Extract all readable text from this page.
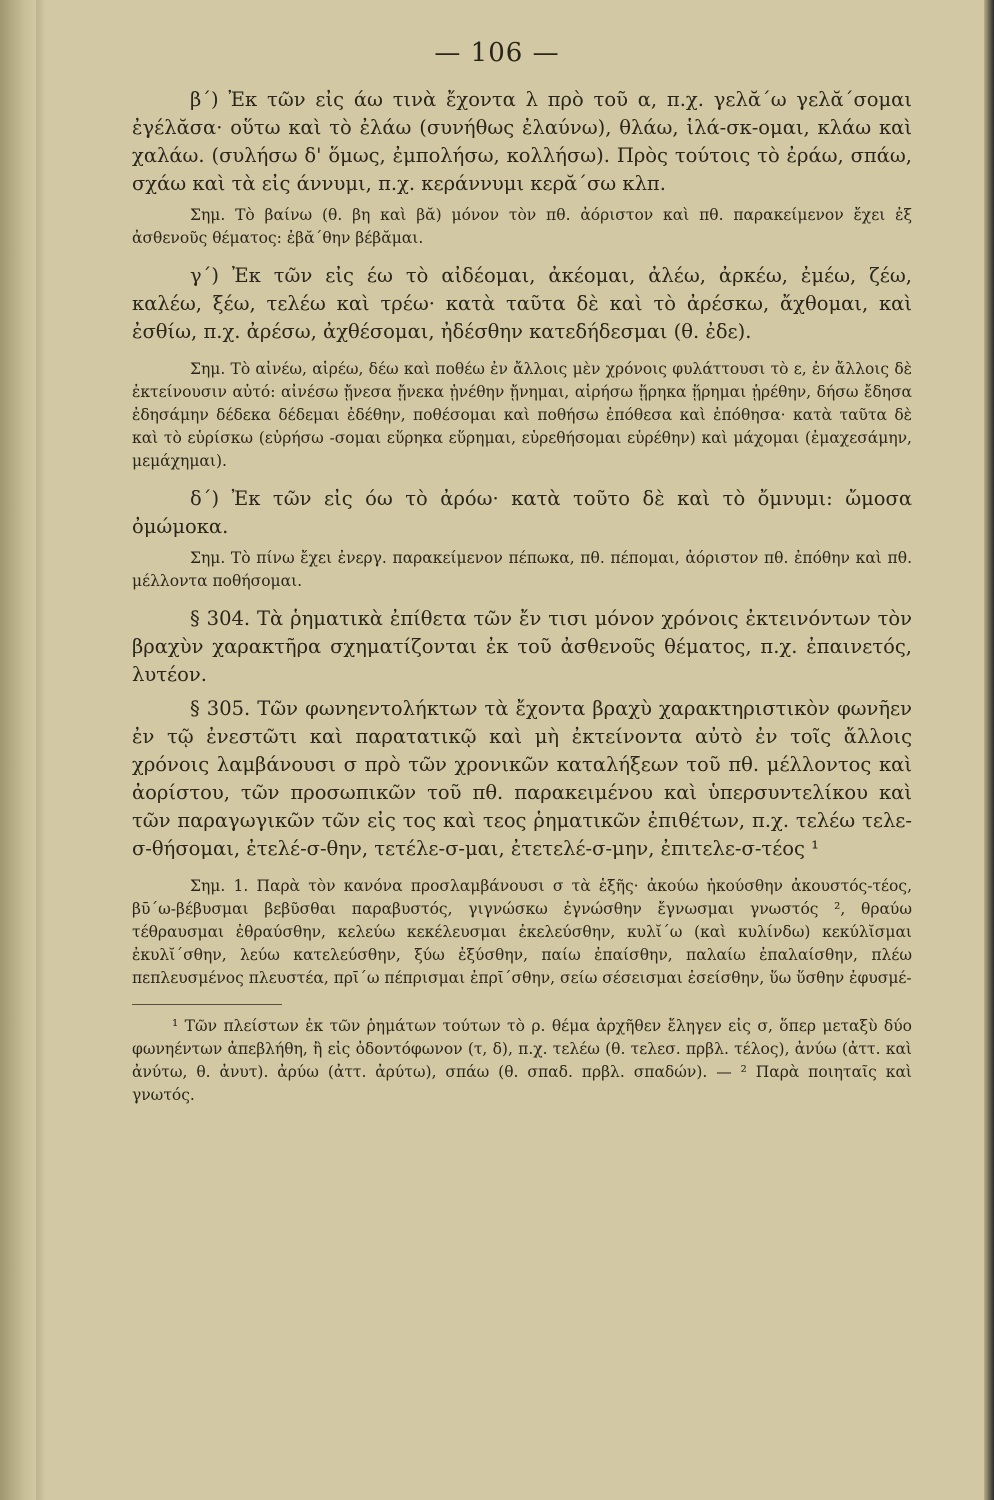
— 106 —

β΄) Ἐκ τῶν εἰς άω τινὰ ἔχοντα λ πρὸ τοῦ α, π.χ. γελᾰ΄ω γελᾰ΄σομαι ἐγέλᾰσα· οὕτω καὶ τὸ ἐλάω (συνήθως ἐλαύνω), θλάω, ἱλά-σκ-ομαι, κλάω καὶ χαλάω. (συλήσω δ' ὅμως, ἐμπολήσω, κολλήσω). Πρὸς τούτοις τὸ ἐράω, σπάω, σχάω καὶ τὰ εἰς άννυμι, π.χ. κεράννυμι κερᾰ΄σω κλπ.

Σημ. Τὸ βαίνω (θ. βη καὶ βᾰ) μόνον τὸν πθ. ἀόριστον καὶ πθ. παρακείμενον ἔχει ἐξ ἀσθενοῦς θέματος: ἐβᾰ΄θην βέβᾰμαι.

γ΄) Ἐκ τῶν εἰς έω τὸ αἰδέομαι, ἀκέομαι, ἀλέω, ἀρκέω, ἐμέω, ζέω, καλέω, ξέω, τελέω καὶ τρέω· κατὰ ταῦτα δὲ καὶ τὸ ἀρέσκω, ἄχθομαι, καὶ ἐσθίω, π.χ. ἀρέσω, ἀχθέσομαι, ἠδέσθην κατεδήδεσμαι (θ. ἐδε).

Σημ. Τὸ αἰνέω, αἱρέω, δέω καὶ ποθέω ἐν ἄλλοις μὲν χρόνοις φυλάττουσι τὸ ε, ἐν ἄλλοις δὲ ἐκτείνουσιν αὐτό: αἰνέσω ᾔνεσα ᾔνεκα ᾐνέθην ᾔνημαι, αἱρήσω ᾕρηκα ᾕρημαι ᾑρέθην, δήσω ἔδησα ἐδησάμην δέδεκα δέδεμαι ἐδέθην, ποθέσομαι καὶ ποθήσω ἐπόθεσα καὶ ἐπόθησα· κατὰ ταῦτα δὲ καὶ τὸ εὑρίσκω (εὑρήσω -σομαι εὕρηκα εὕρημαι, εὑρεθήσομαι εὑρέθην) καὶ μάχομαι (ἐμαχεσάμην, μεμάχημαι).

δ΄) Ἐκ τῶν εἰς όω τὸ ἀρόω· κατὰ τοῦτο δὲ καὶ τὸ ὄμνυμι: ὤμοσα ὀμώμοκα.

Σημ. Τὸ πίνω ἔχει ἐνεργ. παρακείμενον πέπωκα, πθ. πέπομαι, ἀόριστον πθ. ἐπόθην καὶ πθ. μέλλοντα ποθήσομαι.

§ 304. Τὰ ῥηματικὰ ἐπίθετα τῶν ἔν τισι μόνον χρόνοις ἐκτεινόντων τὸν βραχὺν χαρακτῆρα σχηματίζονται ἐκ τοῦ ἀσθενοῦς θέματος, π.χ. ἐπαινετός, λυτέον.

§ 305. Τῶν φωνηεντολήκτων τὰ ἔχοντα βραχὺ χαρακτηριστικὸν φωνῆεν ἐν τῷ ἐνεστῶτι καὶ παρατατικῷ καὶ μὴ ἐκτείνοντα αὐτὸ ἐν τοῖς ἄλλοις χρόνοις λαμβάνουσι σ πρὸ τῶν χρονικῶν καταλήξεων τοῦ πθ. μέλλοντος καὶ ἀορίστου, τῶν προσωπικῶν τοῦ πθ. παρακειμένου καὶ ὑπερσυντελίκου καὶ τῶν παραγωγικῶν τῶν εἰς τος καὶ τεος ῥηματικῶν ἐπιθέτων, π.χ. τελέω τελε-σ-θήσομαι, ἐτελέ-σ-θην, τετέλε-σ-μαι, ἐτετελέ-σ-μην, ἐπιτελε-σ-τέος ¹

Σημ. 1. Παρὰ τὸν κανόνα προσλαμβάνουσι σ τὰ ἑξῆς· ἀκούω ἠκούσθην ἀκουστός-τέος, βῡ΄ω-βέβυσμαι βεβῦσθαι παραβυστός, γιγνώσκω ἐγνώσθην ἔγνωσμαι γνωστός ², θραύω τέθραυσμαι ἐθραύσθην, κελεύω κεκέλευσμαι ἐκελεύσθην, κυλῐ΄ω (καὶ κυλίνδω) κεκύλῐσμαι ἐκυλῐ΄σθην, λεύω κατελεύσθην, ξύω ἐξύσθην, παίω ἐπαίσθην, παλαίω ἐπαλαίσθην, πλέω πεπλευσμένος πλευστέα, πρῑ΄ω πέπρισμαι ἐπρῑ΄σθην, σείω σέσεισμαι ἐσείσθην, ὕω ὕσθην ἐφυσμέ-

¹ Τῶν πλείστων ἐκ τῶν ῥημάτων τούτων τὸ ρ. θέμα ἀρχῆθεν ἔληγεν εἰς σ, ὅπερ μεταξὺ δύο φωνηέντων ἀπεβλήθη, ἢ εἰς ὀδοντόφωνον (τ, δ), π.χ. τελέω (θ. τελεσ. πρβλ. τέλος), ἀνύω (ἀττ. καὶ ἀνύτω, θ. ἀνυτ). ἀρύω (ἀττ. ἀρύτω), σπάω (θ. σπαδ. πρβλ. σπαδών). — ² Παρὰ ποιηταῖς καὶ γνωτός.
